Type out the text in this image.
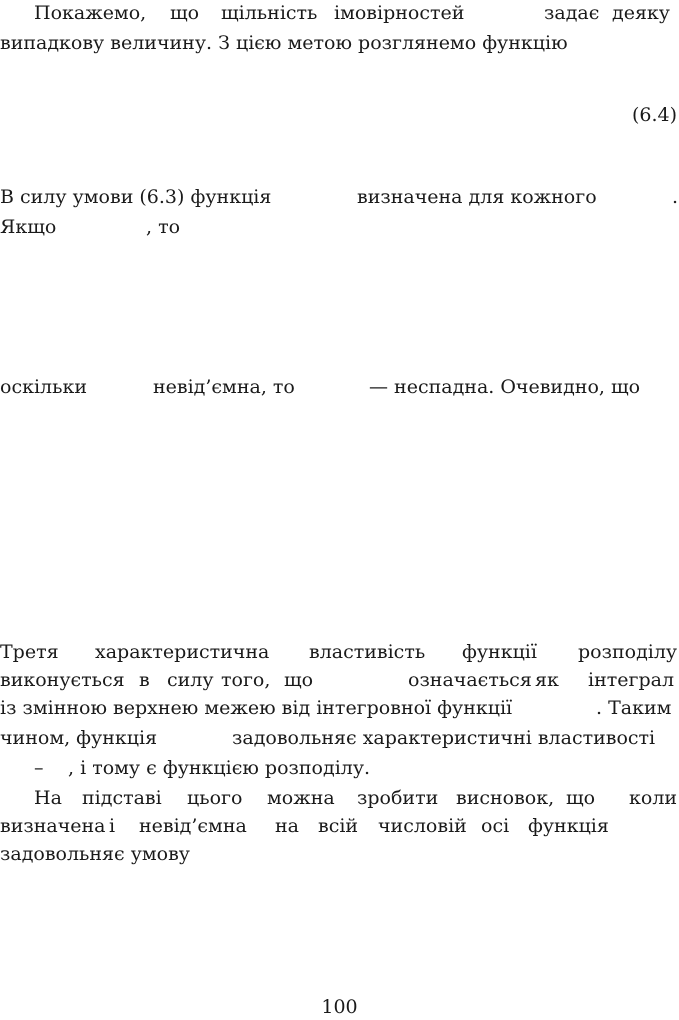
Покажемо, що щільність імовірностей	задає деяку
випадкову величину. З цією метою розглянемо функцію
(6.4)
В силу умови (6.3) функція	визначена для кожного	.
Якщо	, то
оскільки	невід’ємна, то	— неспадна. Очевидно, що
Третя характеристична властивість функції розподілу
виконується в силу того, що	означається як інтеграл
із змінною верхнею межею від інтегровної функції	. Таким
чином, функція	задовольняє характеристичні властивості
– , і тому є функцією розподілу.
На підставі цього можна зробити висновок, що коли
визначена і невід’ємна на всій числовій осі функція
задовольняє умову
100
